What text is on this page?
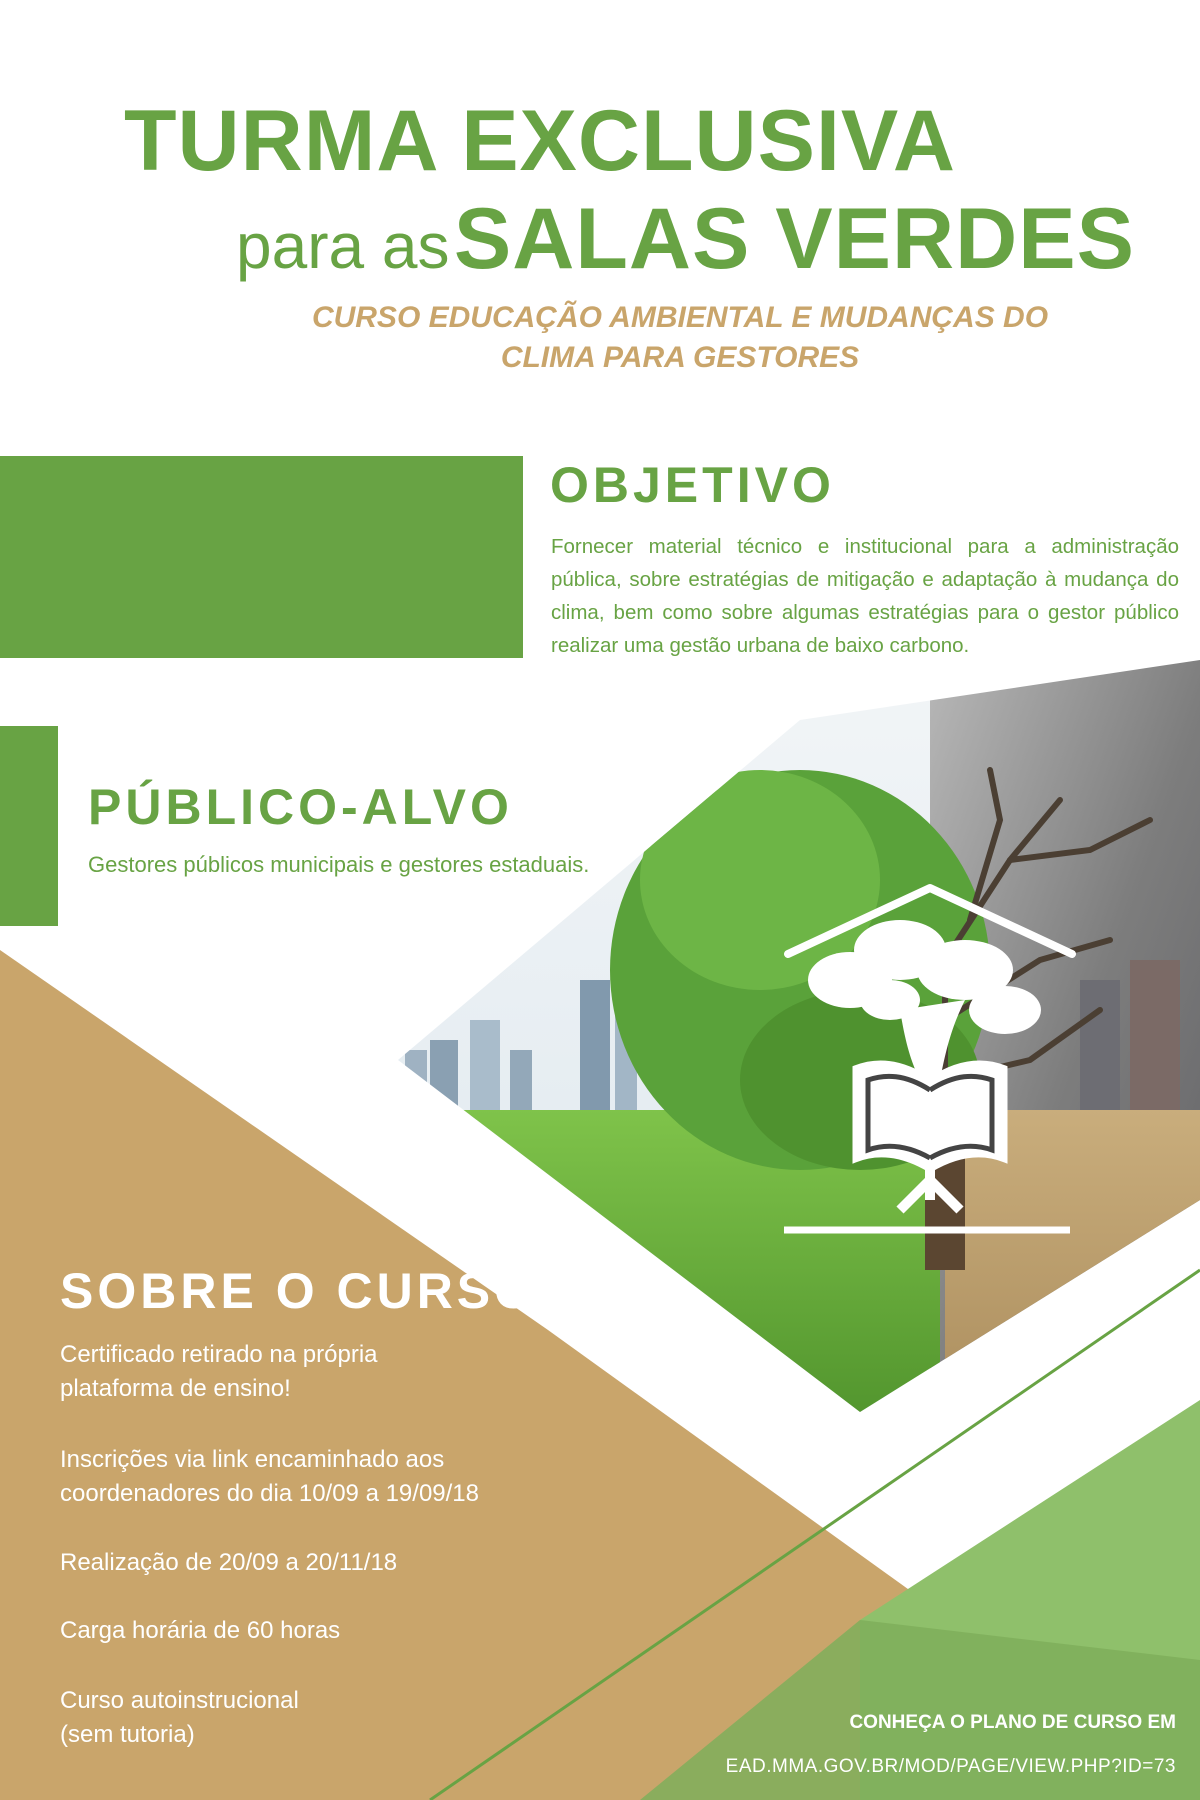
TURMA EXCLUSIVA
para as SALAS VERDES
CURSO EDUCAÇÃO AMBIENTAL E MUDANÇAS DO
CLIMA PARA GESTORES
OBJETIVO
Fornecer material técnico e institucional para a administração pública, sobre estratégias de mitigação e adaptação à mudança do clima, bem como sobre algumas estratégias para o gestor público realizar uma gestão urbana de baixo carbono.
PÚBLICO-ALVO
Gestores públicos municipais e gestores estaduais.
SOBRE O CURSO
Certificado retirado na própria
plataforma de ensino!
Inscrições via link encaminhado aos
coordenadores do dia 10/09 a 19/09/18
Realização de 20/09 a 20/11/18
Carga horária de 60 horas
Curso autoinstrucional
(sem tutoria)	CONHEÇA O PLANO DE CURSO EM
EAD.MMA.GOV.BR/MOD/PAGE/VIEW.PHP?ID=73
